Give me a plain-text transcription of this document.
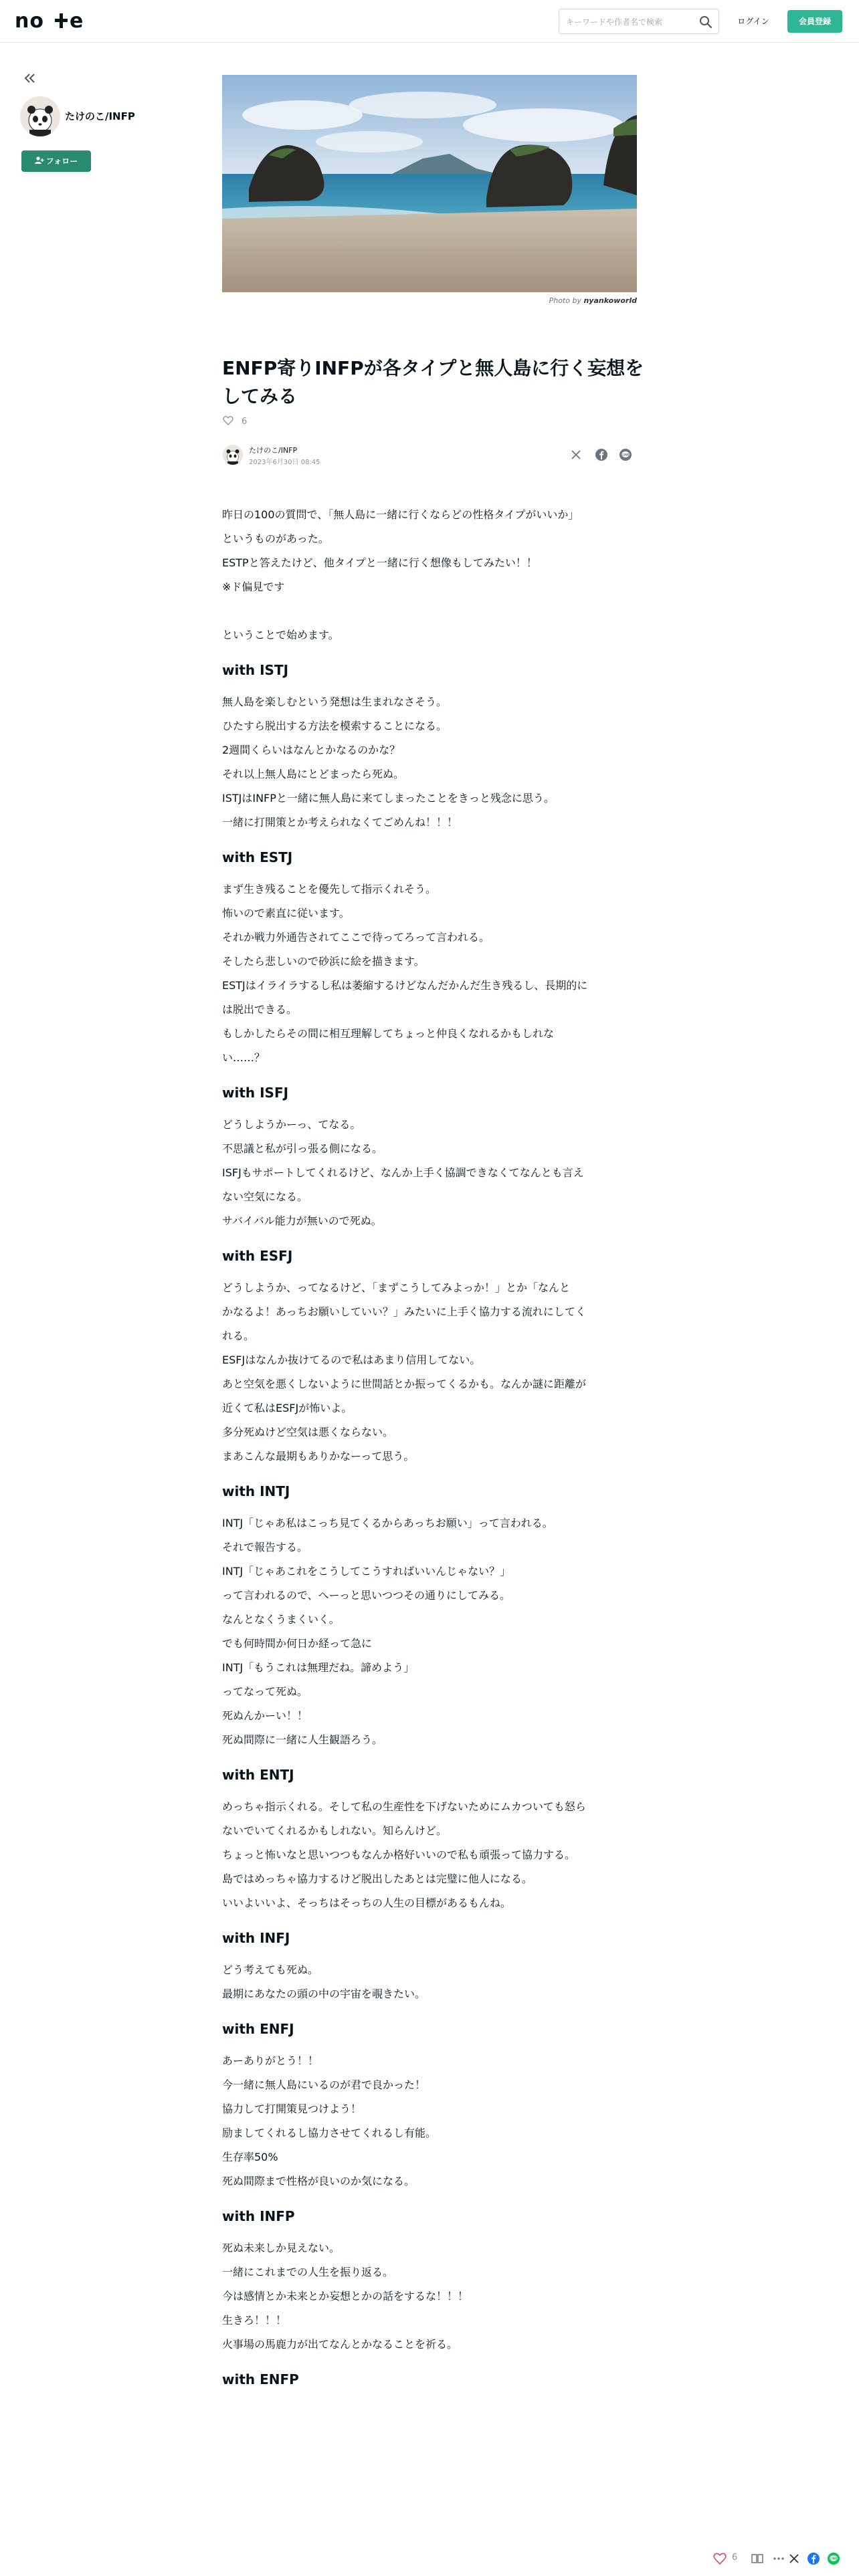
no e
キーワードや作者名で検索	ログイン	会員登録
たけのこ/INFP
フォロー
Photo by nyankoworld
ENFP寄りINFPが各タイプと無人島に行く妄想をしてみる
6
たけのこ/INFP
2023年6月30日 08:45
LINE

昨日の100の質問で、「無人島に一緒に行くならどの性格タイプがいいか」

というものがあった。

ESTPと答えたけど、他タイプと一緒に行く想像もしてみたい！！

※ド偏見です

ということで始めます。

with ISTJ

無人島を楽しむという発想は生まれなさそう。

ひたすら脱出する方法を模索することになる。

2週間くらいはなんとかなるのかな？

それ以上無人島にとどまったら死ぬ。

ISTJはINFPと一緒に無人島に来てしまったことをきっと残念に思う。

一緒に打開策とか考えられなくてごめんね！！！

with ESTJ

まず生き残ることを優先して指示くれそう。

怖いので素直に従います。

それか戦力外通告されてここで待ってろって言われる。

そしたら悲しいので砂浜に絵を描きます。

ESTJはイライラするし私は萎縮するけどなんだかんだ生き残るし、長期的に

は脱出できる。

もしかしたらその間に相互理解してちょっと仲良くなれるかもしれな

い……？

with ISFJ

どうしようかーっ、てなる。

不思議と私が引っ張る側になる。

ISFJもサポートしてくれるけど、なんか上手く協調できなくてなんとも言え

ない空気になる。

サバイバル能力が無いので死ぬ。

with ESFJ

どうしようか、ってなるけど、「まずこうしてみよっか！」とか「なんと

かなるよ！あっちお願いしていい？」みたいに上手く協力する流れにしてく

れる。

ESFJはなんか抜けてるので私はあまり信用してない。

あと空気を悪くしないように世間話とか振ってくるかも。なんか謎に距離が

近くて私はESFJが怖いよ。

多分死ぬけど空気は悪くならない。

まあこんな最期もありかなーって思う。

with INTJ

INTJ「じゃあ私はこっち見てくるからあっちお願い」って言われる。

それで報告する。

INTJ「じゃあこれをこうしてこうすればいいんじゃない？」

って言われるので、へーっと思いつつその通りにしてみる。

なんとなくうまくいく。

でも何時間か何日か経って急に

INTJ「もうこれは無理だね。諦めよう」

ってなって死ぬ。

死ぬんかーい！！

死ぬ間際に一緒に人生観語ろう。

with ENTJ

めっちゃ指示くれる。そして私の生産性を下げないためにムカついても怒ら

ないでいてくれるかもしれない。知らんけど。

ちょっと怖いなと思いつつもなんか格好いいので私も頑張って協力する。

島ではめっちゃ協力するけど脱出したあとは完璧に他人になる。

いいよいいよ、そっちはそっちの人生の目標があるもんね。

with INFJ

どう考えても死ぬ。

最期にあなたの頭の中の宇宙を覗きたい。

with ENFJ

あーありがとう！！

今一緒に無人島にいるのが君で良かった！

協力して打開策見つけよう！

励ましてくれるし協力させてくれるし有能。

生存率50%

死ぬ間際まで性格が良いのか気になる。

with INFP

死ぬ未来しか見えない。

一緒にこれまでの人生を振り返る。

今は感情とか未来とか妄想とかの話をするな！！！

生きろ！！！

火事場の馬鹿力が出てなんとかなることを祈る。

with ENFP
6	LINE
